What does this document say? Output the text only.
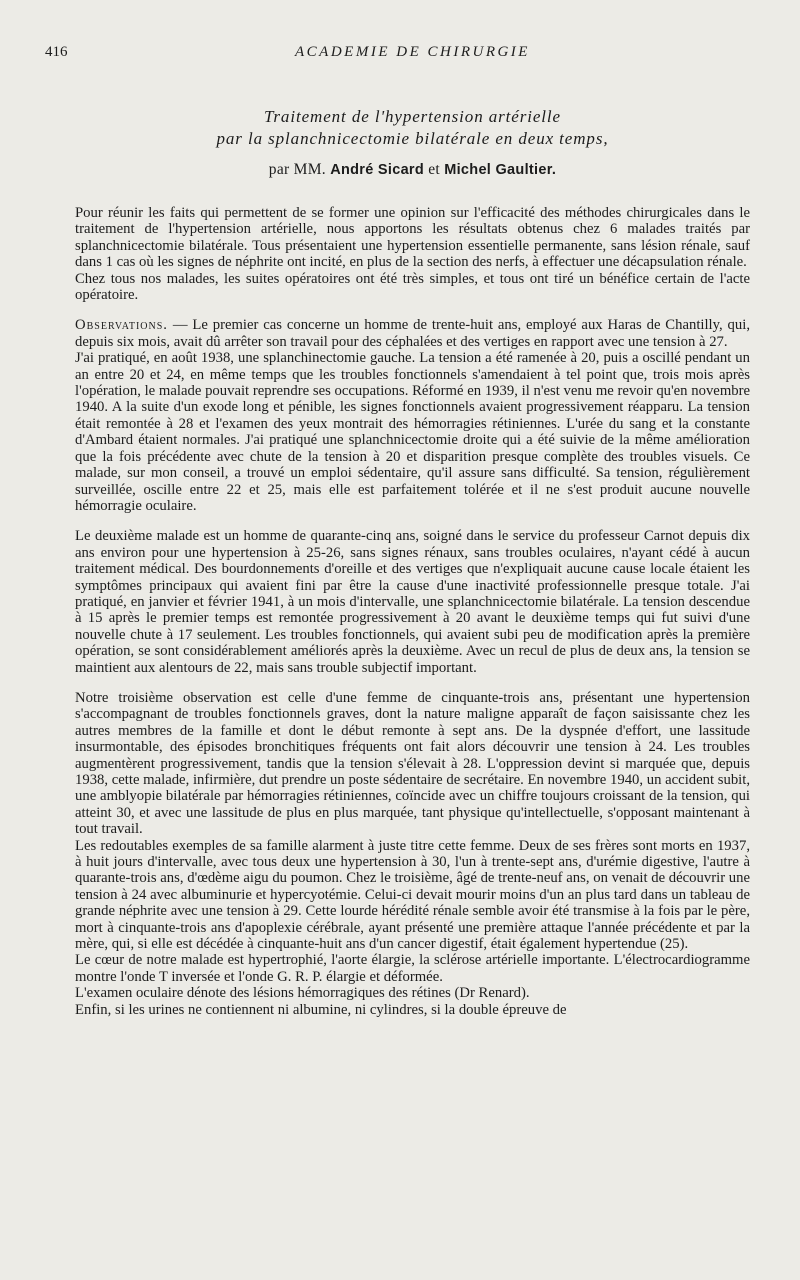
416	ACADEMIE DE CHIRURGIE
Traitement de l'hypertension artérielle
par la splanchnicectomie bilatérale en deux temps,
par MM. André Sicard et Michel Gaultier.

Pour réunir les faits qui permettent de se former une opinion sur l'efficacité des méthodes chirurgicales dans le traitement de l'hypertension artérielle, nous apportons les résultats obtenus chez 6 malades traités par splanchnicectomie bilatérale. Tous présentaient une hypertension essentielle permanente, sans lésion rénale, sauf dans 1 cas où les signes de néphrite ont incité, en plus de la section des nerfs, à effectuer une décapsulation rénale.

Chez tous nos malades, les suites opératoires ont été très simples, et tous ont tiré un bénéfice certain de l'acte opératoire.

Observations. — Le premier cas concerne un homme de trente-huit ans, employé aux Haras de Chantilly, qui, depuis six mois, avait dû arrêter son travail pour des céphalées et des vertiges en rapport avec une tension à 27.

J'ai pratiqué, en août 1938, une splanchinectomie gauche. La tension a été ramenée à 20, puis a oscillé pendant un an entre 20 et 24, en même temps que les troubles fonctionnels s'amendaient à tel point que, trois mois après l'opération, le malade pouvait reprendre ses occupations. Réformé en 1939, il n'est venu me revoir qu'en novembre 1940. A la suite d'un exode long et pénible, les signes fonctionnels avaient progressivement réapparu. La tension était remontée à 28 et l'examen des yeux montrait des hémorragies rétiniennes. L'urée du sang et la constante d'Ambard étaient normales. J'ai pratiqué une splanchnicectomie droite qui a été suivie de la même amélioration que la fois précédente avec chute de la tension à 20 et disparition presque complète des troubles visuels. Ce malade, sur mon conseil, a trouvé un emploi sédentaire, qu'il assure sans difficulté. Sa tension, régulièrement surveillée, oscille entre 22 et 25, mais elle est parfaitement tolérée et il ne s'est produit aucune nouvelle hémorragie oculaire.

Le deuxième malade est un homme de quarante-cinq ans, soigné dans le service du professeur Carnot depuis dix ans environ pour une hypertension à 25-26, sans signes rénaux, sans troubles oculaires, n'ayant cédé à aucun traitement médical. Des bourdonnements d'oreille et des vertiges que n'expliquait aucune cause locale étaient les symptômes principaux qui avaient fini par être la cause d'une inactivité professionnelle presque totale. J'ai pratiqué, en janvier et février 1941, à un mois d'intervalle, une splanchnicectomie bilatérale. La tension descendue à 15 après le premier temps est remontée progressivement à 20 avant le deuxième temps qui fut suivi d'une nouvelle chute à 17 seulement. Les troubles fonctionnels, qui avaient subi peu de modification après la première opération, se sont considérablement améliorés après la deuxième. Avec un recul de plus de deux ans, la tension se maintient aux alentours de 22, mais sans trouble subjectif important.

Notre troisième observation est celle d'une femme de cinquante-trois ans, présentant une hypertension s'accompagnant de troubles fonctionnels graves, dont la nature maligne apparaît de façon saisissante chez les autres membres de la famille et dont le début remonte à sept ans. De la dyspnée d'effort, une lassitude insurmontable, des épisodes bronchitiques fréquents ont fait alors découvrir une tension à 24. Les troubles augmentèrent progressivement, tandis que la tension s'élevait à 28. L'oppression devint si marquée que, depuis 1938, cette malade, infirmière, dut prendre un poste sédentaire de secrétaire. En novembre 1940, un accident subit, une amblyopie bilatérale par hémorragies rétiniennes, coïncide avec un chiffre toujours croissant de la tension, qui atteint 30, et avec une lassitude de plus en plus marquée, tant physique qu'intellectuelle, s'opposant maintenant à tout travail.

Les redoutables exemples de sa famille alarment à juste titre cette femme. Deux de ses frères sont morts en 1937, à huit jours d'intervalle, avec tous deux une hypertension à 30, l'un à trente-sept ans, d'urémie digestive, l'autre à quarante-trois ans, d'œdème aigu du poumon. Chez le troisième, âgé de trente-neuf ans, on venait de découvrir une tension à 24 avec albuminurie et hypercyotémie. Celui-ci devait mourir moins d'un an plus tard dans un tableau de grande néphrite avec une tension à 29. Cette lourde hérédité rénale semble avoir été transmise à la fois par le père, mort à cinquante-trois ans d'apoplexie cérébrale, ayant présenté une première attaque l'année précédente et par la mère, qui, si elle est décédée à cinquante-huit ans d'un cancer digestif, était également hypertendue (25).

Le cœur de notre malade est hypertrophié, l'aorte élargie, la sclérose artérielle importante. L'électrocardiogramme montre l'onde T inversée et l'onde G. R. P. élargie et déformée.

L'examen oculaire dénote des lésions hémorragiques des rétines (Dr Renard).

Enfin, si les urines ne contiennent ni albumine, ni cylindres, si la double épreuve de
